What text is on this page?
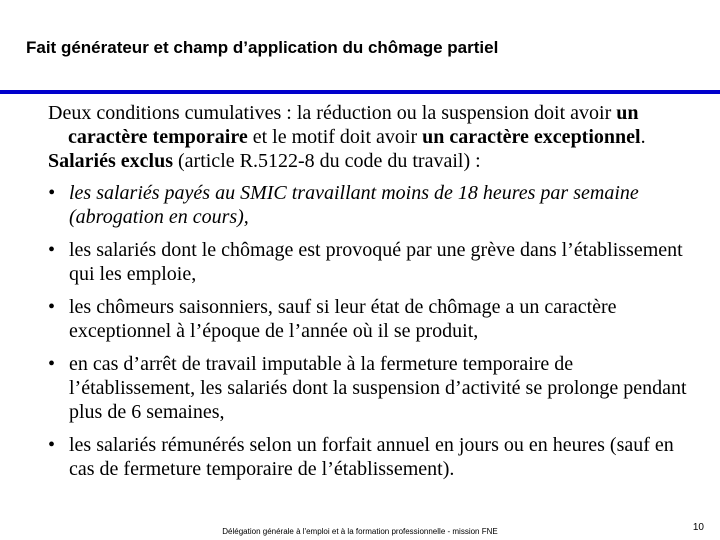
Fait générateur et champ d’application du chômage partiel

Deux conditions cumulatives : la réduction ou la suspension doit avoir un caractère temporaire et le motif doit avoir un caractère exceptionnel.

Salariés exclus (article R.5122-8 du code du travail) :

• les salariés payés au SMIC travaillant moins de 18 heures par semaine (abrogation en cours),

• les salariés dont le chômage est provoqué par une grève dans l’établissement qui les emploie,

• les chômeurs saisonniers, sauf si leur état de chômage a un caractère exceptionnel à l’époque de l’année où il se produit,

• en cas d’arrêt de travail imputable à la fermeture temporaire de l’établissement, les salariés dont la suspension d’activité se prolonge pendant plus de 6 semaines,

• les salariés rémunérés selon un forfait annuel en jours ou en heures (sauf en cas de fermeture temporaire de l’établissement).

Délégation générale à l'emploi et à la formation professionnelle - mission FNE	10
